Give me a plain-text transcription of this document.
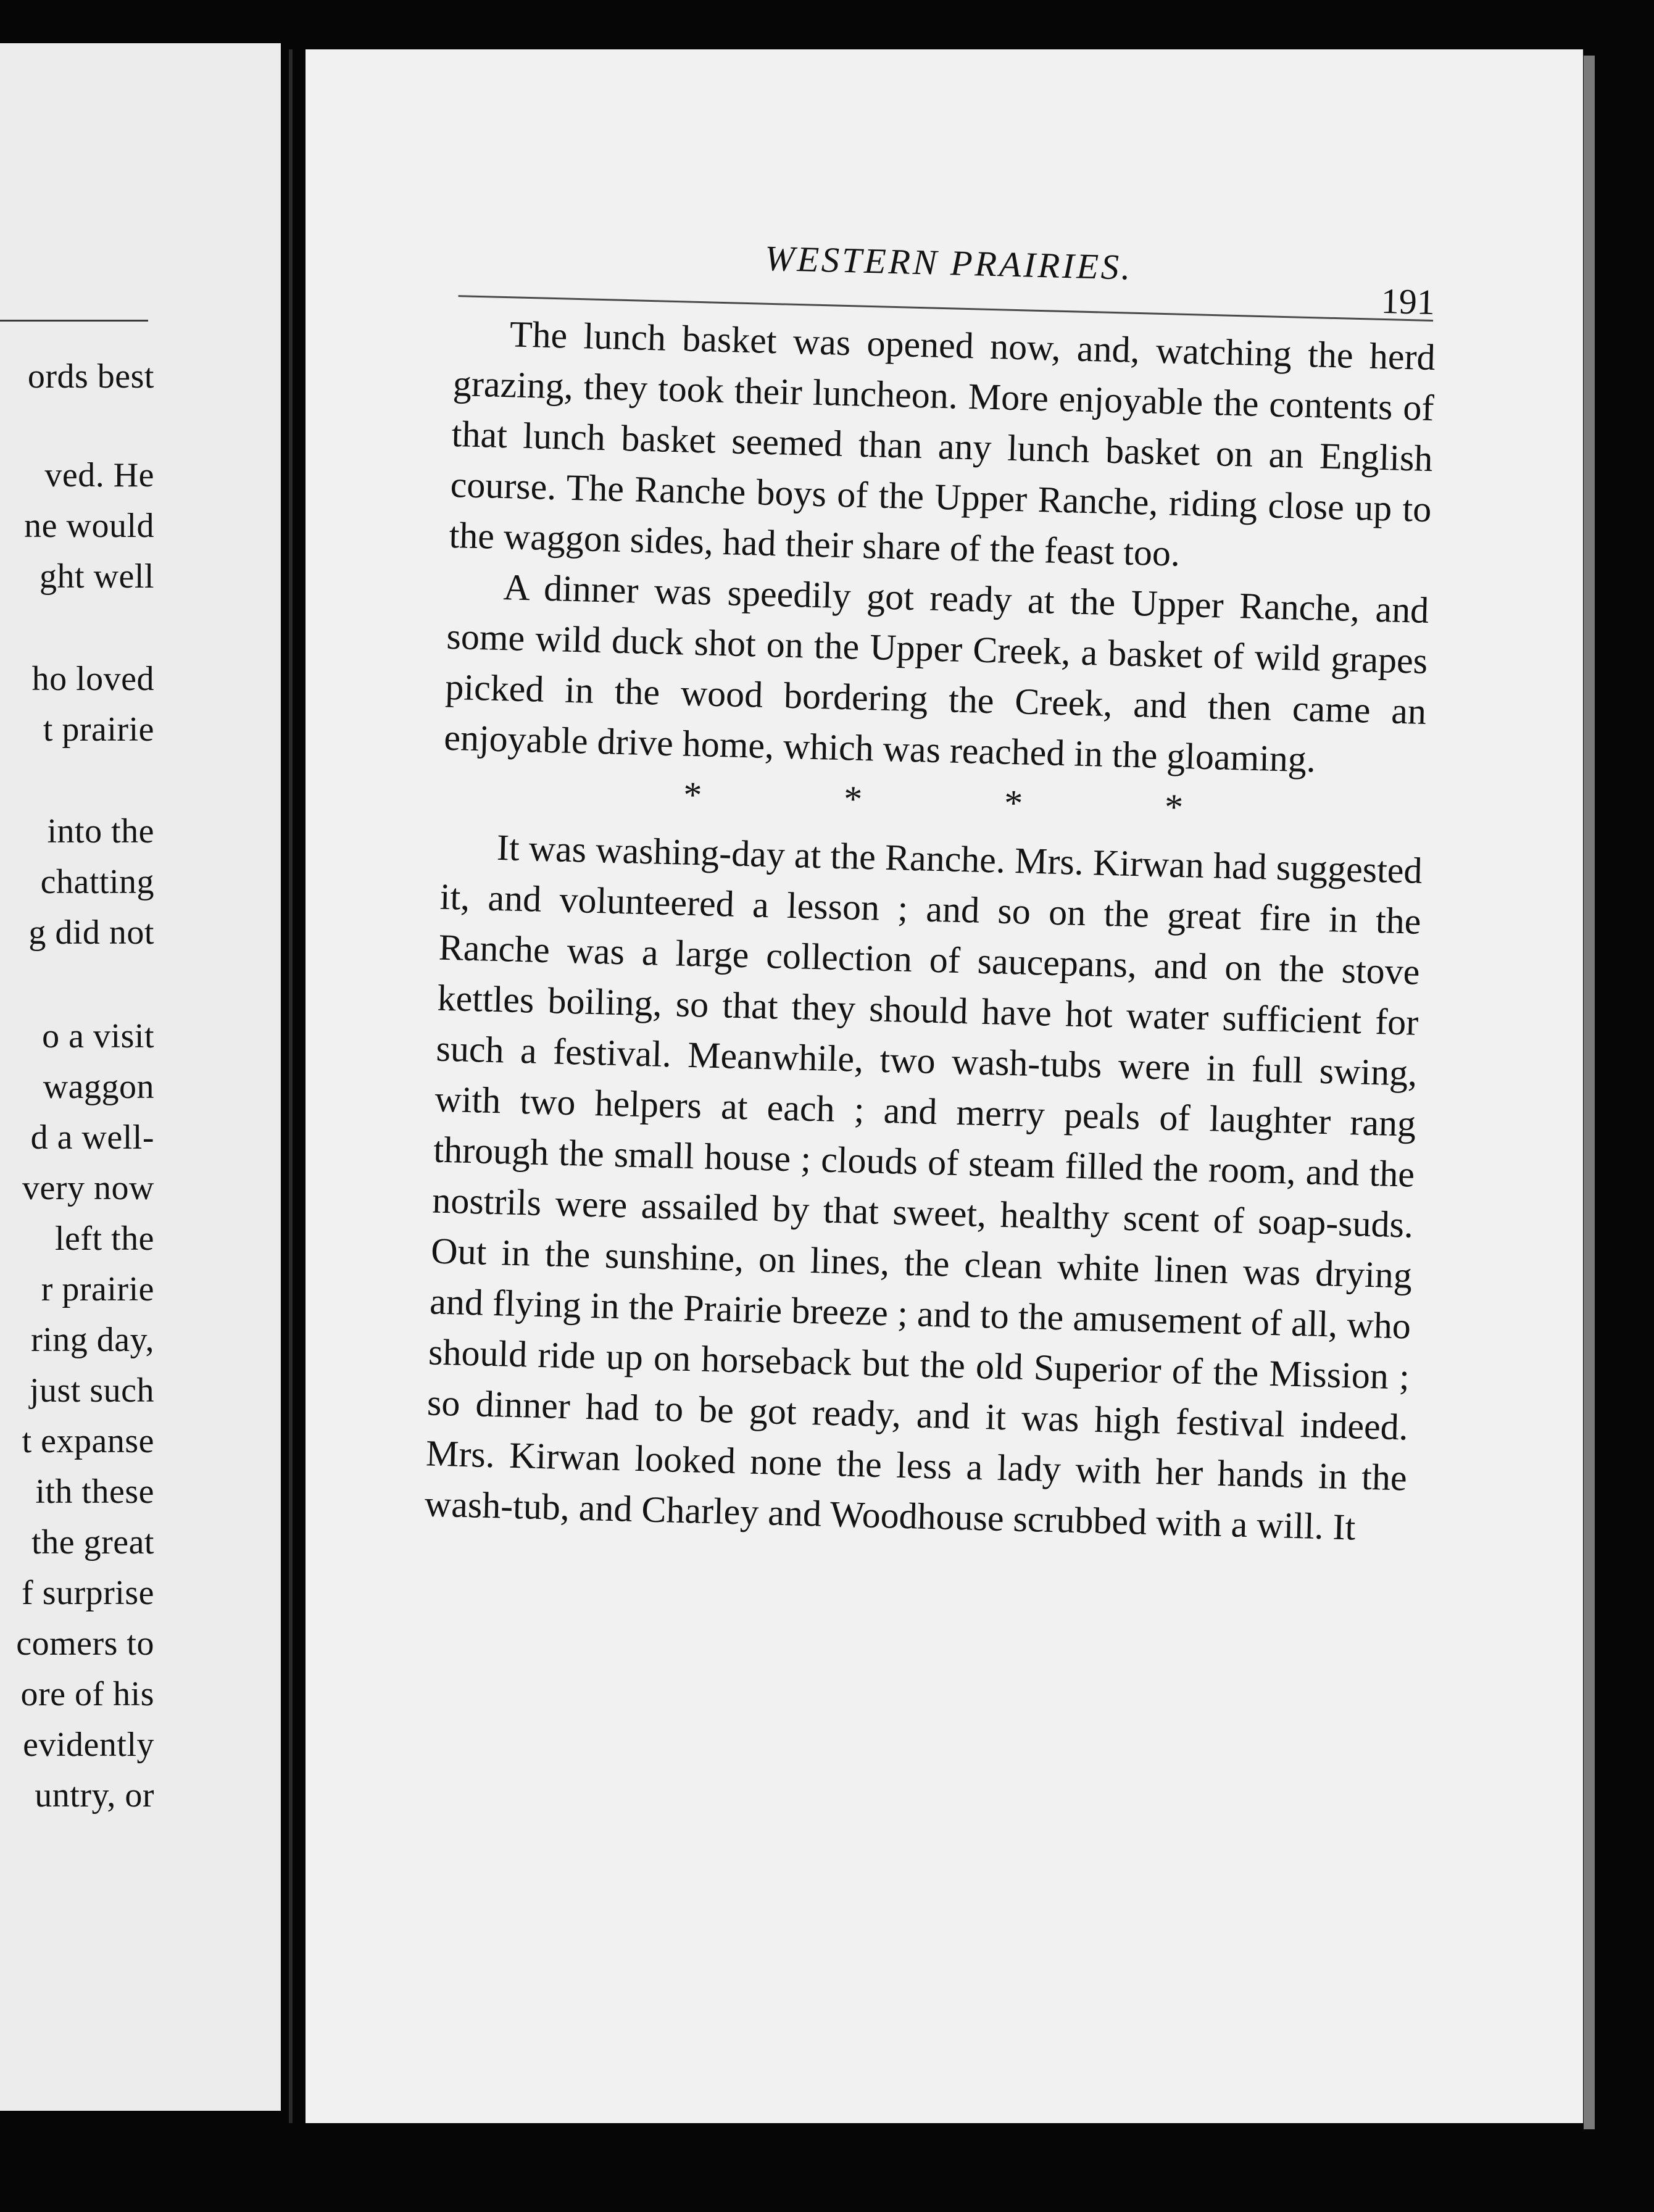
ords best
ved. He
ne would
ght well
ho loved
t prairie
into the
chatting
g did not
o a visit
waggon
d a well-
very now
left the
r prairie
ring day,
just such
t expanse
ith these
the great
f surprise
comers to
ore of his
evidently
untry, or
WESTERN PRAIRIES.
191

The lunch basket was opened now, and, watching the herd grazing, they took their luncheon. More enjoyable the contents of that lunch basket seemed than any lunch basket on an English course. The Ranche boys of the Upper Ranche, riding close up to the waggon sides, had their share of the feast too.

A dinner was speedily got ready at the Upper Ranche, and some wild duck shot on the Upper Creek, a basket of wild grapes picked in the wood bordering the Creek, and then came an enjoyable drive home, which was reached in the gloaming.

*	*	*	*

It was washing-day at the Ranche. Mrs. Kirwan had suggested it, and volunteered a lesson ; and so on the great fire in the Ranche was a large collection of saucepans, and on the stove kettles boiling, so that they should have hot water sufficient for such a festival. Meanwhile, two wash-tubs were in full swing, with two helpers at each ; and merry peals of laughter rang through the small house ; clouds of steam filled the room, and the nostrils were assailed by that sweet, healthy scent of soap-suds. Out in the sunshine, on lines, the clean white linen was drying and flying in the Prairie breeze ; and to the amusement of all, who should ride up on horseback but the old Superior of the Mission ; so dinner had to be got ready, and it was high festival indeed. Mrs. Kirwan looked none the less a lady with her hands in the wash-tub, and Charley and Woodhouse scrubbed with a will. It
